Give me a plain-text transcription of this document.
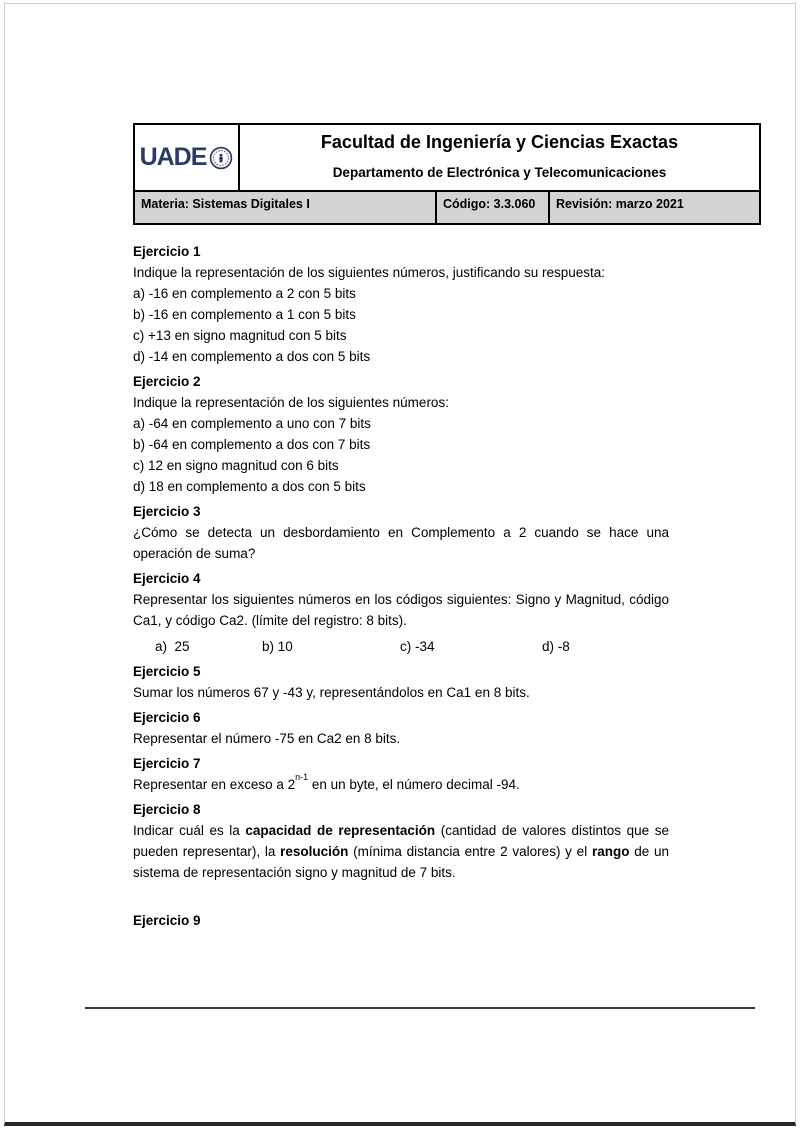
UADE
Facultad de Ingeniería y Ciencias Exactas
Departamento de Electrónica y Telecomunicaciones
Materia: Sistemas Digitales I	Código: 3.3.060	Revisión: marzo 2021
Ejercicio 1

Indique la representación de los siguientes números, justificando su respuesta:

a) -16 en complemento a 2 con 5 bits

b) -16 en complemento a 1 con 5 bits

c) +13 en signo magnitud con 5 bits

d) -14 en complemento a dos con 5 bits

Ejercicio 2

Indique la representación de los siguientes números:

a) -64 en complemento a uno con 7 bits

b) -64 en complemento a dos con 7 bits

c) 12 en signo magnitud con 6 bits

d) 18 en complemento a dos con 5 bits

Ejercicio 3

¿Cómo se detecta un desbordamiento en Complemento a 2 cuando se hace una operación de suma?

Ejercicio 4

Representar los siguientes números en los códigos siguientes: Signo y Magnitud, código Ca1, y código Ca2. (límite del registro: 8 bits).

a)  25	b) 10	c) -34	d) -8
Ejercicio 5

Sumar los números 67 y -43 y, representándolos en Ca1 en 8 bits.

Ejercicio 6

Representar el número -75 en Ca2 en 8 bits.

Ejercicio 7

Representar en exceso a 2$^{n-1}$ en un byte, el número decimal -94.

Ejercicio 8

Indicar cuál es la capacidad de representación (cantidad de valores distintos que se pueden representar), la resolución (mínima distancia entre 2 valores) y el rango de un sistema de representación signo y magnitud de 7 bits.

Ejercicio 9
